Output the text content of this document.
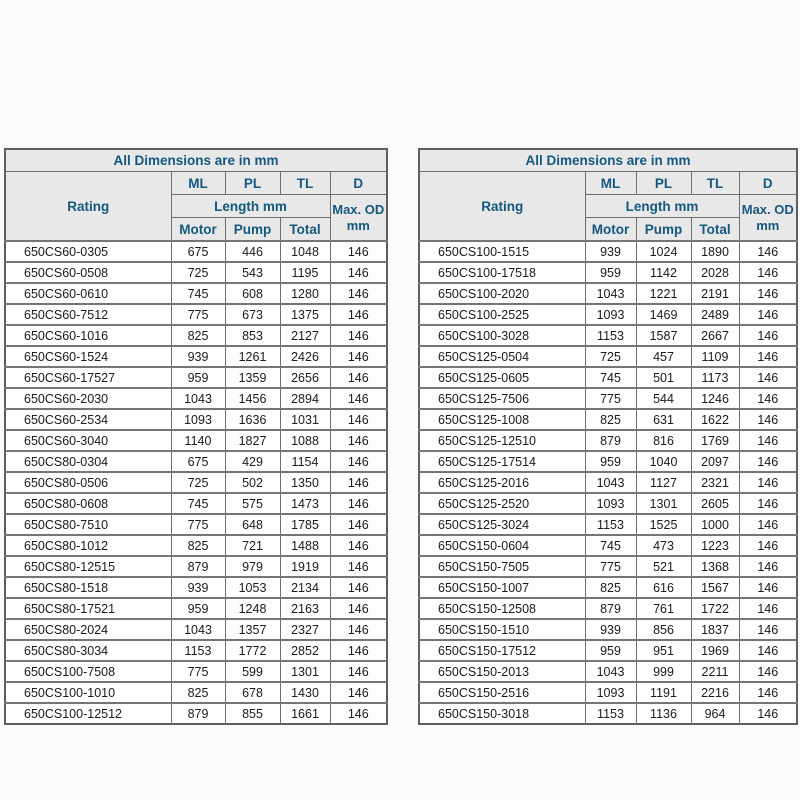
All Dimensions are in mm				
Rating	ML	PL	TL	D
	Length mm			Max. OD
mm
	Motor	Pump	Total	
650CS60-0305	675	446	1048	146
650CS60-0508	725	543	1195	146
650CS60-0610	745	608	1280	146
650CS60-7512	775	673	1375	146
650CS60-1016	825	853	2127	146
650CS60-1524	939	1261	2426	146
650CS60-17527	959	1359	2656	146
650CS60-2030	1043	1456	2894	146
650CS60-2534	1093	1636	1031	146
650CS60-3040	1140	1827	1088	146
650CS80-0304	675	429	1154	146
650CS80-0506	725	502	1350	146
650CS80-0608	745	575	1473	146
650CS80-7510	775	648	1785	146
650CS80-1012	825	721	1488	146
650CS80-12515	879	979	1919	146
650CS80-1518	939	1053	2134	146
650CS80-17521	959	1248	2163	146
650CS80-2024	1043	1357	2327	146
650CS80-3034	1153	1772	2852	146
650CS100-7508	775	599	1301	146
650CS100-1010	825	678	1430	146
650CS100-12512	879	855	1661	146
All Dimensions are in mm				
Rating	ML	PL	TL	D
	Length mm			Max. OD
mm
	Motor	Pump	Total	
650CS100-1515	939	1024	1890	146
650CS100-17518	959	1142	2028	146
650CS100-2020	1043	1221	2191	146
650CS100-2525	1093	1469	2489	146
650CS100-3028	1153	1587	2667	146
650CS125-0504	725	457	1109	146
650CS125-0605	745	501	1173	146
650CS125-7506	775	544	1246	146
650CS125-1008	825	631	1622	146
650CS125-12510	879	816	1769	146
650CS125-17514	959	1040	2097	146
650CS125-2016	1043	1127	2321	146
650CS125-2520	1093	1301	2605	146
650CS125-3024	1153	1525	1000	146
650CS150-0604	745	473	1223	146
650CS150-7505	775	521	1368	146
650CS150-1007	825	616	1567	146
650CS150-12508	879	761	1722	146
650CS150-1510	939	856	1837	146
650CS150-17512	959	951	1969	146
650CS150-2013	1043	999	2211	146
650CS150-2516	1093	1191	2216	146
650CS150-3018	1153	1136	964	146
